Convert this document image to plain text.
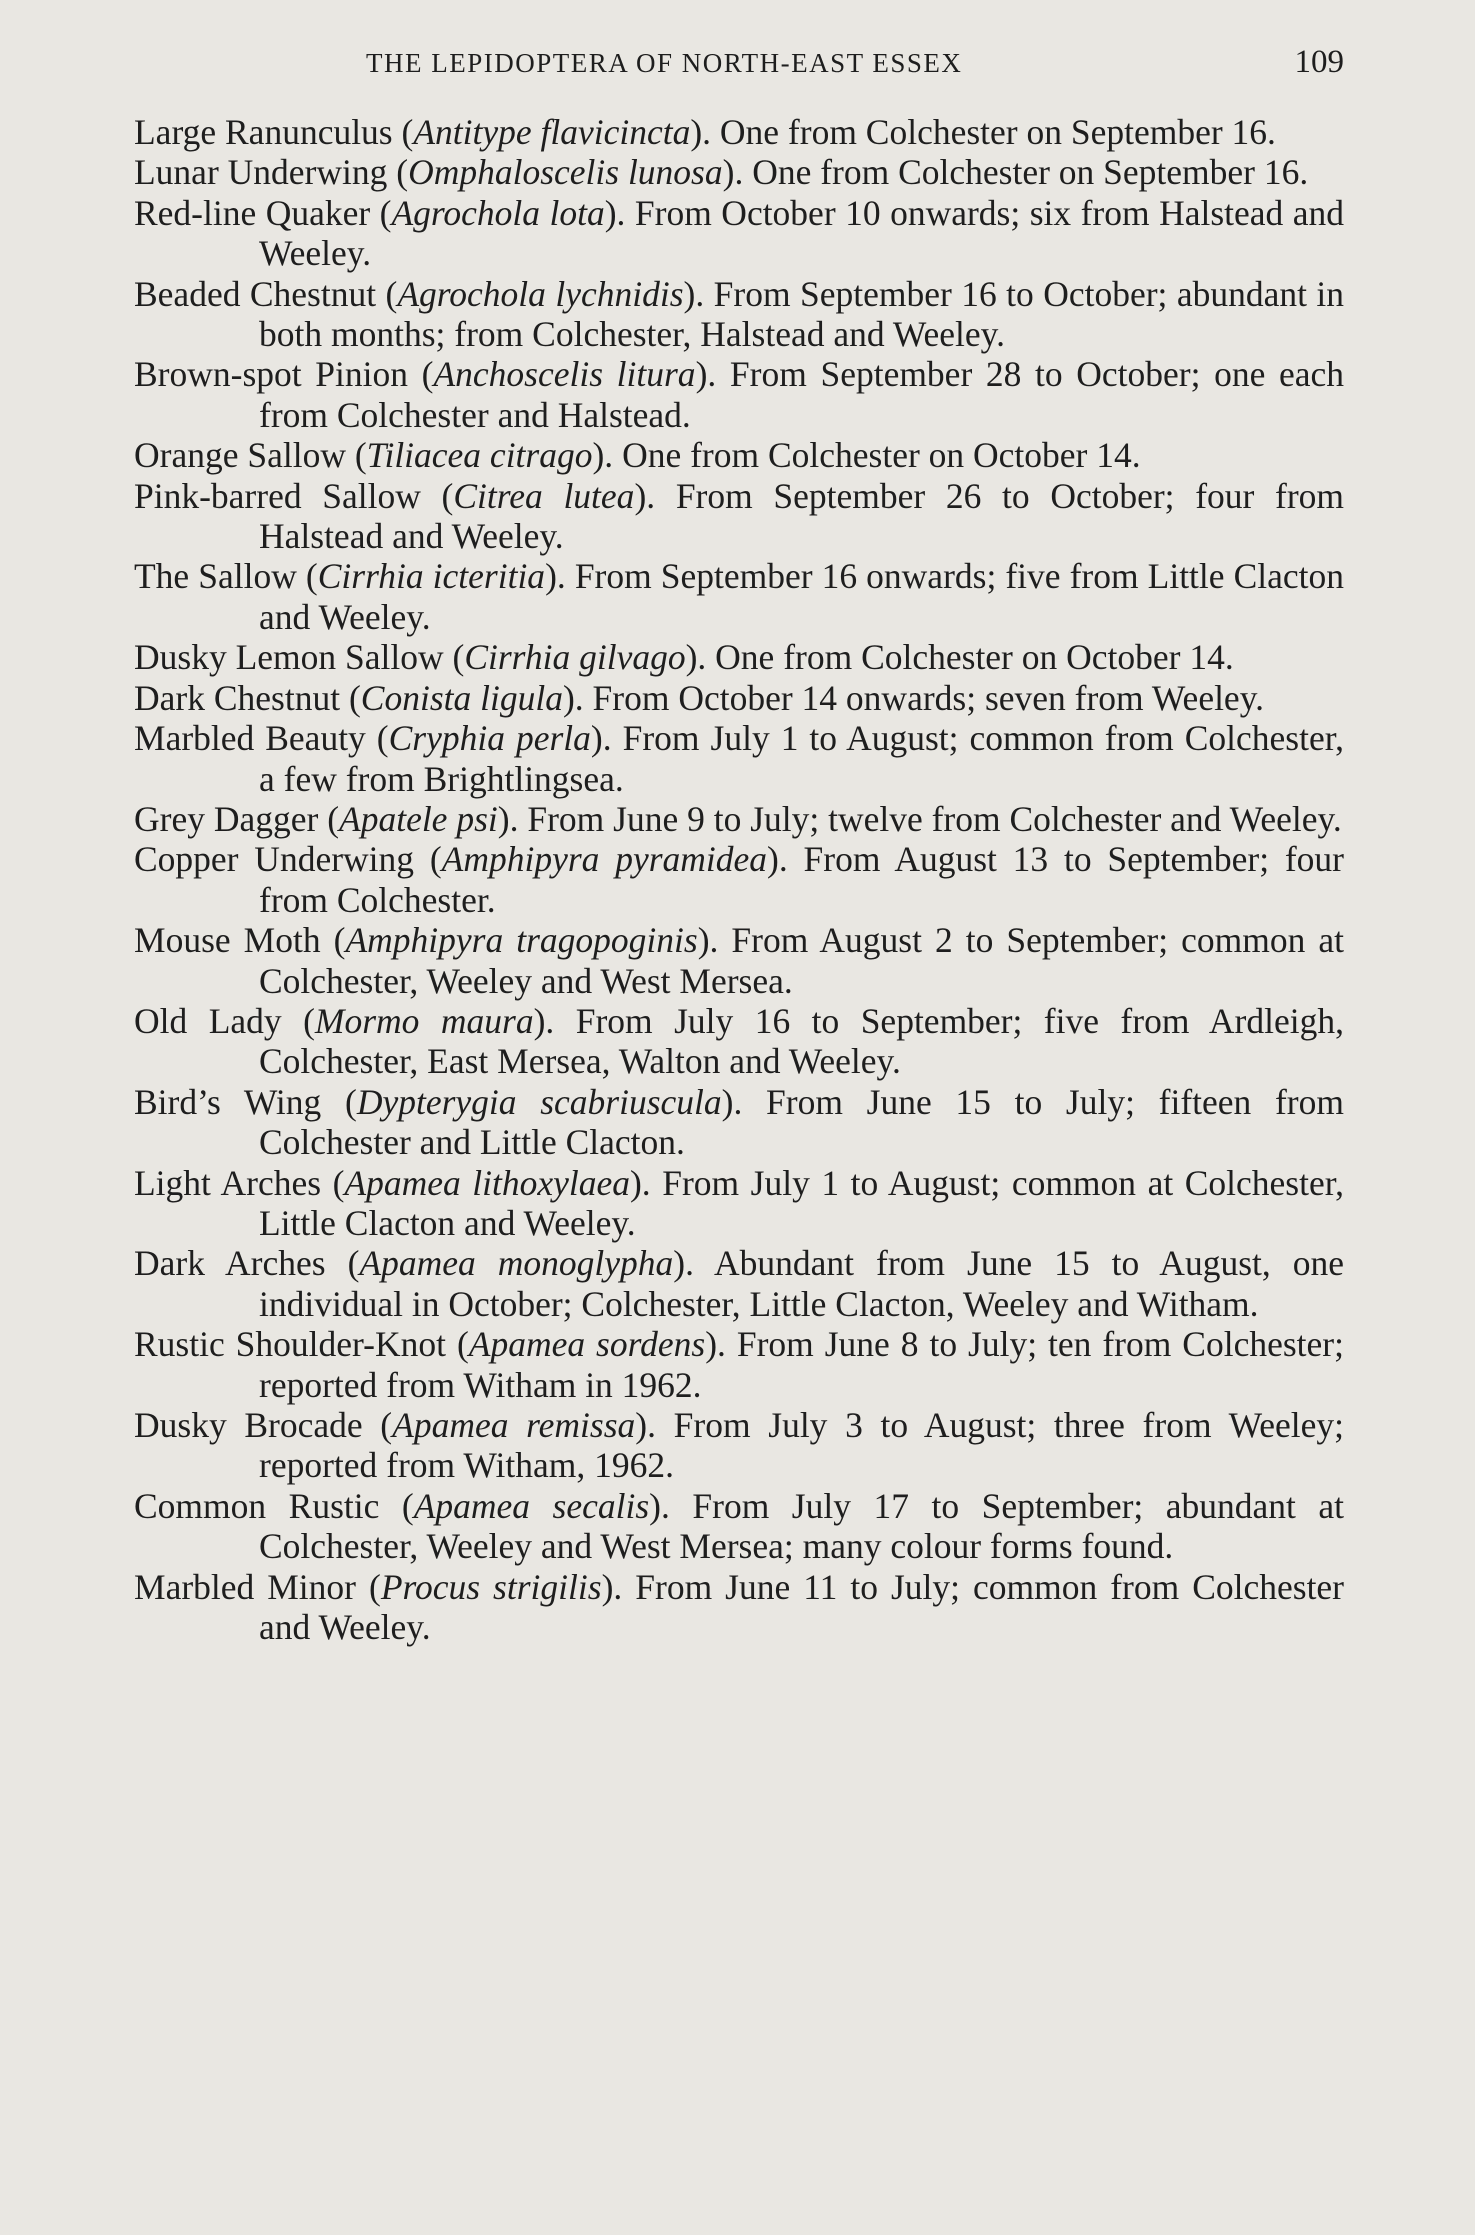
THE LEPIDOPTERA OF NORTH-EAST ESSEX	109

Large Ranunculus (Antitype flavicincta). One from Colchester on September 16.

Lunar Underwing (Omphaloscelis lunosa). One from Colchester on September 16.

Red-line Quaker (Agrochola lota). From October 10 onwards; six from Halstead and Weeley.

Beaded Chestnut (Agrochola lychnidis). From September 16 to October; abundant in both months; from Colchester, Halstead and Weeley.

Brown-spot Pinion (Anchoscelis litura). From September 28 to October; one each from Colchester and Halstead.

Orange Sallow (Tiliacea citrago). One from Colchester on October 14.

Pink-barred Sallow (Citrea lutea). From September 26 to October; four from Halstead and Weeley.

The Sallow (Cirrhia icteritia). From September 16 onwards; five from Little Clacton and Weeley.

Dusky Lemon Sallow (Cirrhia gilvago). One from Colchester on October 14.

Dark Chestnut (Conista ligula). From October 14 onwards; seven from Weeley.

Marbled Beauty (Cryphia perla). From July 1 to August; common from Colchester, a few from Brightlingsea.

Grey Dagger (Apatele psi). From June 9 to July; twelve from Colchester and Weeley.

Copper Underwing (Amphipyra pyramidea). From August 13 to September; four from Colchester.

Mouse Moth (Amphipyra tragopoginis). From August 2 to September; common at Colchester, Weeley and West Mersea.

Old Lady (Mormo maura). From July 16 to September; five from Ardleigh, Colchester, East Mersea, Walton and Weeley.

Bird’s Wing (Dypterygia scabriuscula). From June 15 to July; fifteen from Colchester and Little Clacton.

Light Arches (Apamea lithoxylaea). From July 1 to August; common at Colchester, Little Clacton and Weeley.

Dark Arches (Apamea monoglypha). Abundant from June 15 to August, one individual in October; Colchester, Little Clacton, Weeley and Witham.

Rustic Shoulder-Knot (Apamea sordens). From June 8 to July; ten from Colchester; reported from Witham in 1962.

Dusky Brocade (Apamea remissa). From July 3 to August; three from Weeley; reported from Witham, 1962.

Common Rustic (Apamea secalis). From July 17 to September; abundant at Colchester, Weeley and West Mersea; many colour forms found.

Marbled Minor (Procus strigilis). From June 11 to July; common from Colchester and Weeley.
